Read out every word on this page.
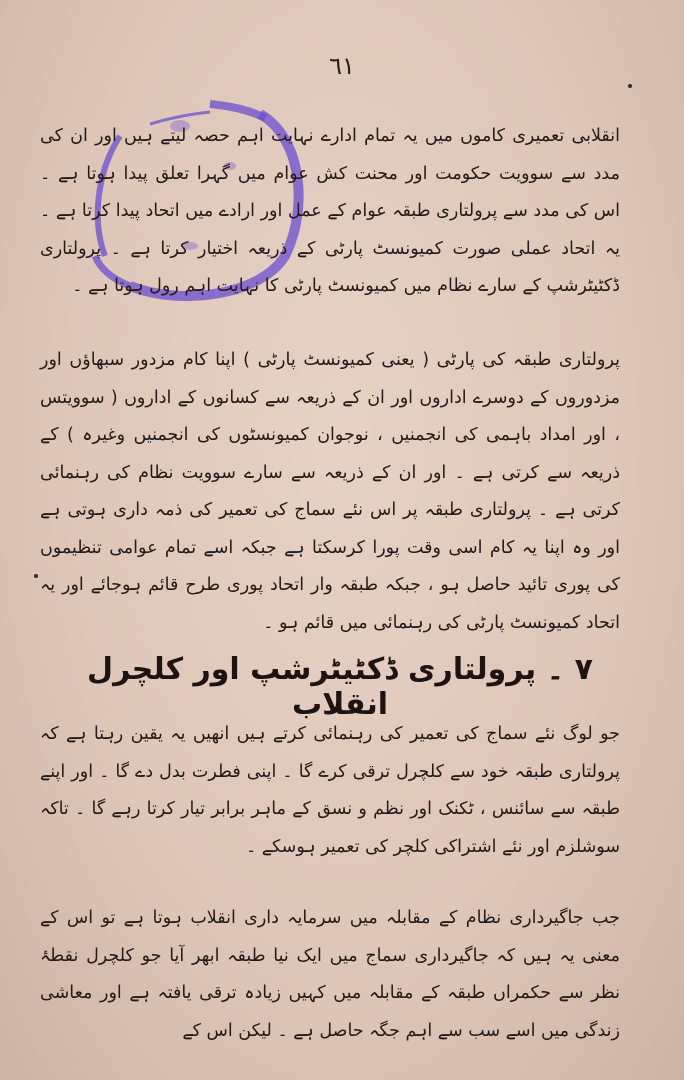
٦١

انقلابی تعمیری کاموں میں یہ تمام ادارے نہایت اہم حصہ لیتے ہیں اور ان کی مدد سے سوویت حکومت اور محنت کش عوام میں گہرا تعلق پیدا ہوتا ہے ۔ اس کی مدد سے پرولتاری طبقہ عوام کے عمل اور ارادے میں اتحاد پیدا کرتا ہے ۔ یہ اتحاد عملی صورت کمیونسٹ پارٹی کے ذریعہ اختیار کرتا ہے ۔ پرولتاری ڈکٹیٹرشپ کے سارے نظام میں کمیونسٹ پارٹی کا نہایت اہم رول ہوتا ہے ۔

پرولتاری طبقہ کی پارٹی ( یعنی کمیونسٹ پارٹی ) اپنا کام مزدور سبھاؤں اور مزدوروں کے دوسرے اداروں اور ان کے ذریعہ سے کسانوں کے اداروں ( سوویتس ، اور امداد باہمی کی انجمنیں ، نوجوان کمیونسٹوں کی انجمنیں وغیرہ ) کے ذریعہ سے کرتی ہے ۔ اور ان کے ذریعہ سے سارے سوویت نظام کی رہنمائی کرتی ہے ۔ پرولتاری طبقہ پر اس نئے سماج کی تعمیر کی ذمہ داری ہوتی ہے اور وہ اپنا یہ کام اسی وقت پورا کرسکتا ہے جبکہ اسے تمام عوامی تنظیموں کی پوری تائید حاصل ہو ، جبکہ طبقہ وار اتحاد پوری طرح قائم ہوجائے اور یہ اتحاد کمیونسٹ پارٹی کی رہنمائی میں قائم ہو ۔

۷ ۔ پرولتاری ڈکٹیٹرشپ اور کلچرل انقلاب

جو لوگ نئے سماج کی تعمیر کی رہنمائی کرتے ہیں انھیں یہ یقین رہتا ہے کہ پرولتاری طبقہ خود سے کلچرل ترقی کرے گا ۔ اپنی فطرت بدل دے گا ۔ اور اپنے طبقہ سے سائنس ، ٹکنک اور نظم و نسق کے ماہر برابر تیار کرتا رہے گا ۔ تاکہ سوشلزم اور نئے اشتراکی کلچر کی تعمیر ہوسکے ۔

جب جاگیرداری نظام کے مقابلہ میں سرمایہ داری انقلاب ہوتا ہے تو اس کے معنی یہ ہیں کہ جاگیرداری سماج میں ایک نیا طبقہ ابھر آیا جو کلچرل نقطۂ نظر سے حکمراں طبقہ کے مقابلہ میں کہیں زیادہ ترقی یافتہ ہے اور معاشی زندگی میں اسے سب سے اہم جگہ حاصل ہے ۔ لیکن اس کے
